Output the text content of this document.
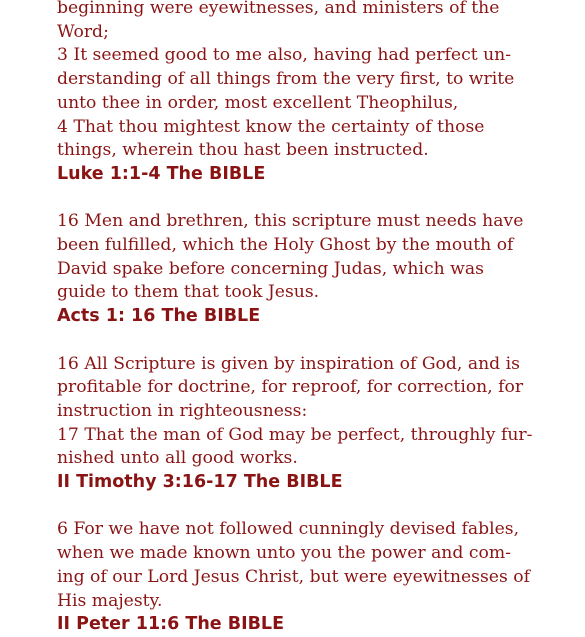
beginning were eyewitnesses, and ministers of the
Word;
3 It seemed good to me also, having had perfect un-
derstanding of all things from the very first, to write
unto thee in order, most excellent Theophilus,
4 That thou mightest know the certainty of those
things, wherein thou hast been instructed.
Luke 1:1-4 The BIBLE
16 Men and brethren, this scripture must needs have
been fulfilled, which the Holy Ghost by the mouth of
David spake before concerning Judas, which was
guide to them that took Jesus.
Acts 1: 16 The BIBLE
16 All Scripture is given by inspiration of God, and is
profitable for doctrine, for reproof, for correction, for
instruction in righteousness:
17 That the man of God may be perfect, throughly fur-
nished unto all good works.
II Timothy 3:16-17 The BIBLE
6 For we have not followed cunningly devised fables,
when we made known unto you the power and com-
ing of our Lord Jesus Christ, but were eyewitnesses of
His majesty.
II Peter 11:6 The BIBLE
